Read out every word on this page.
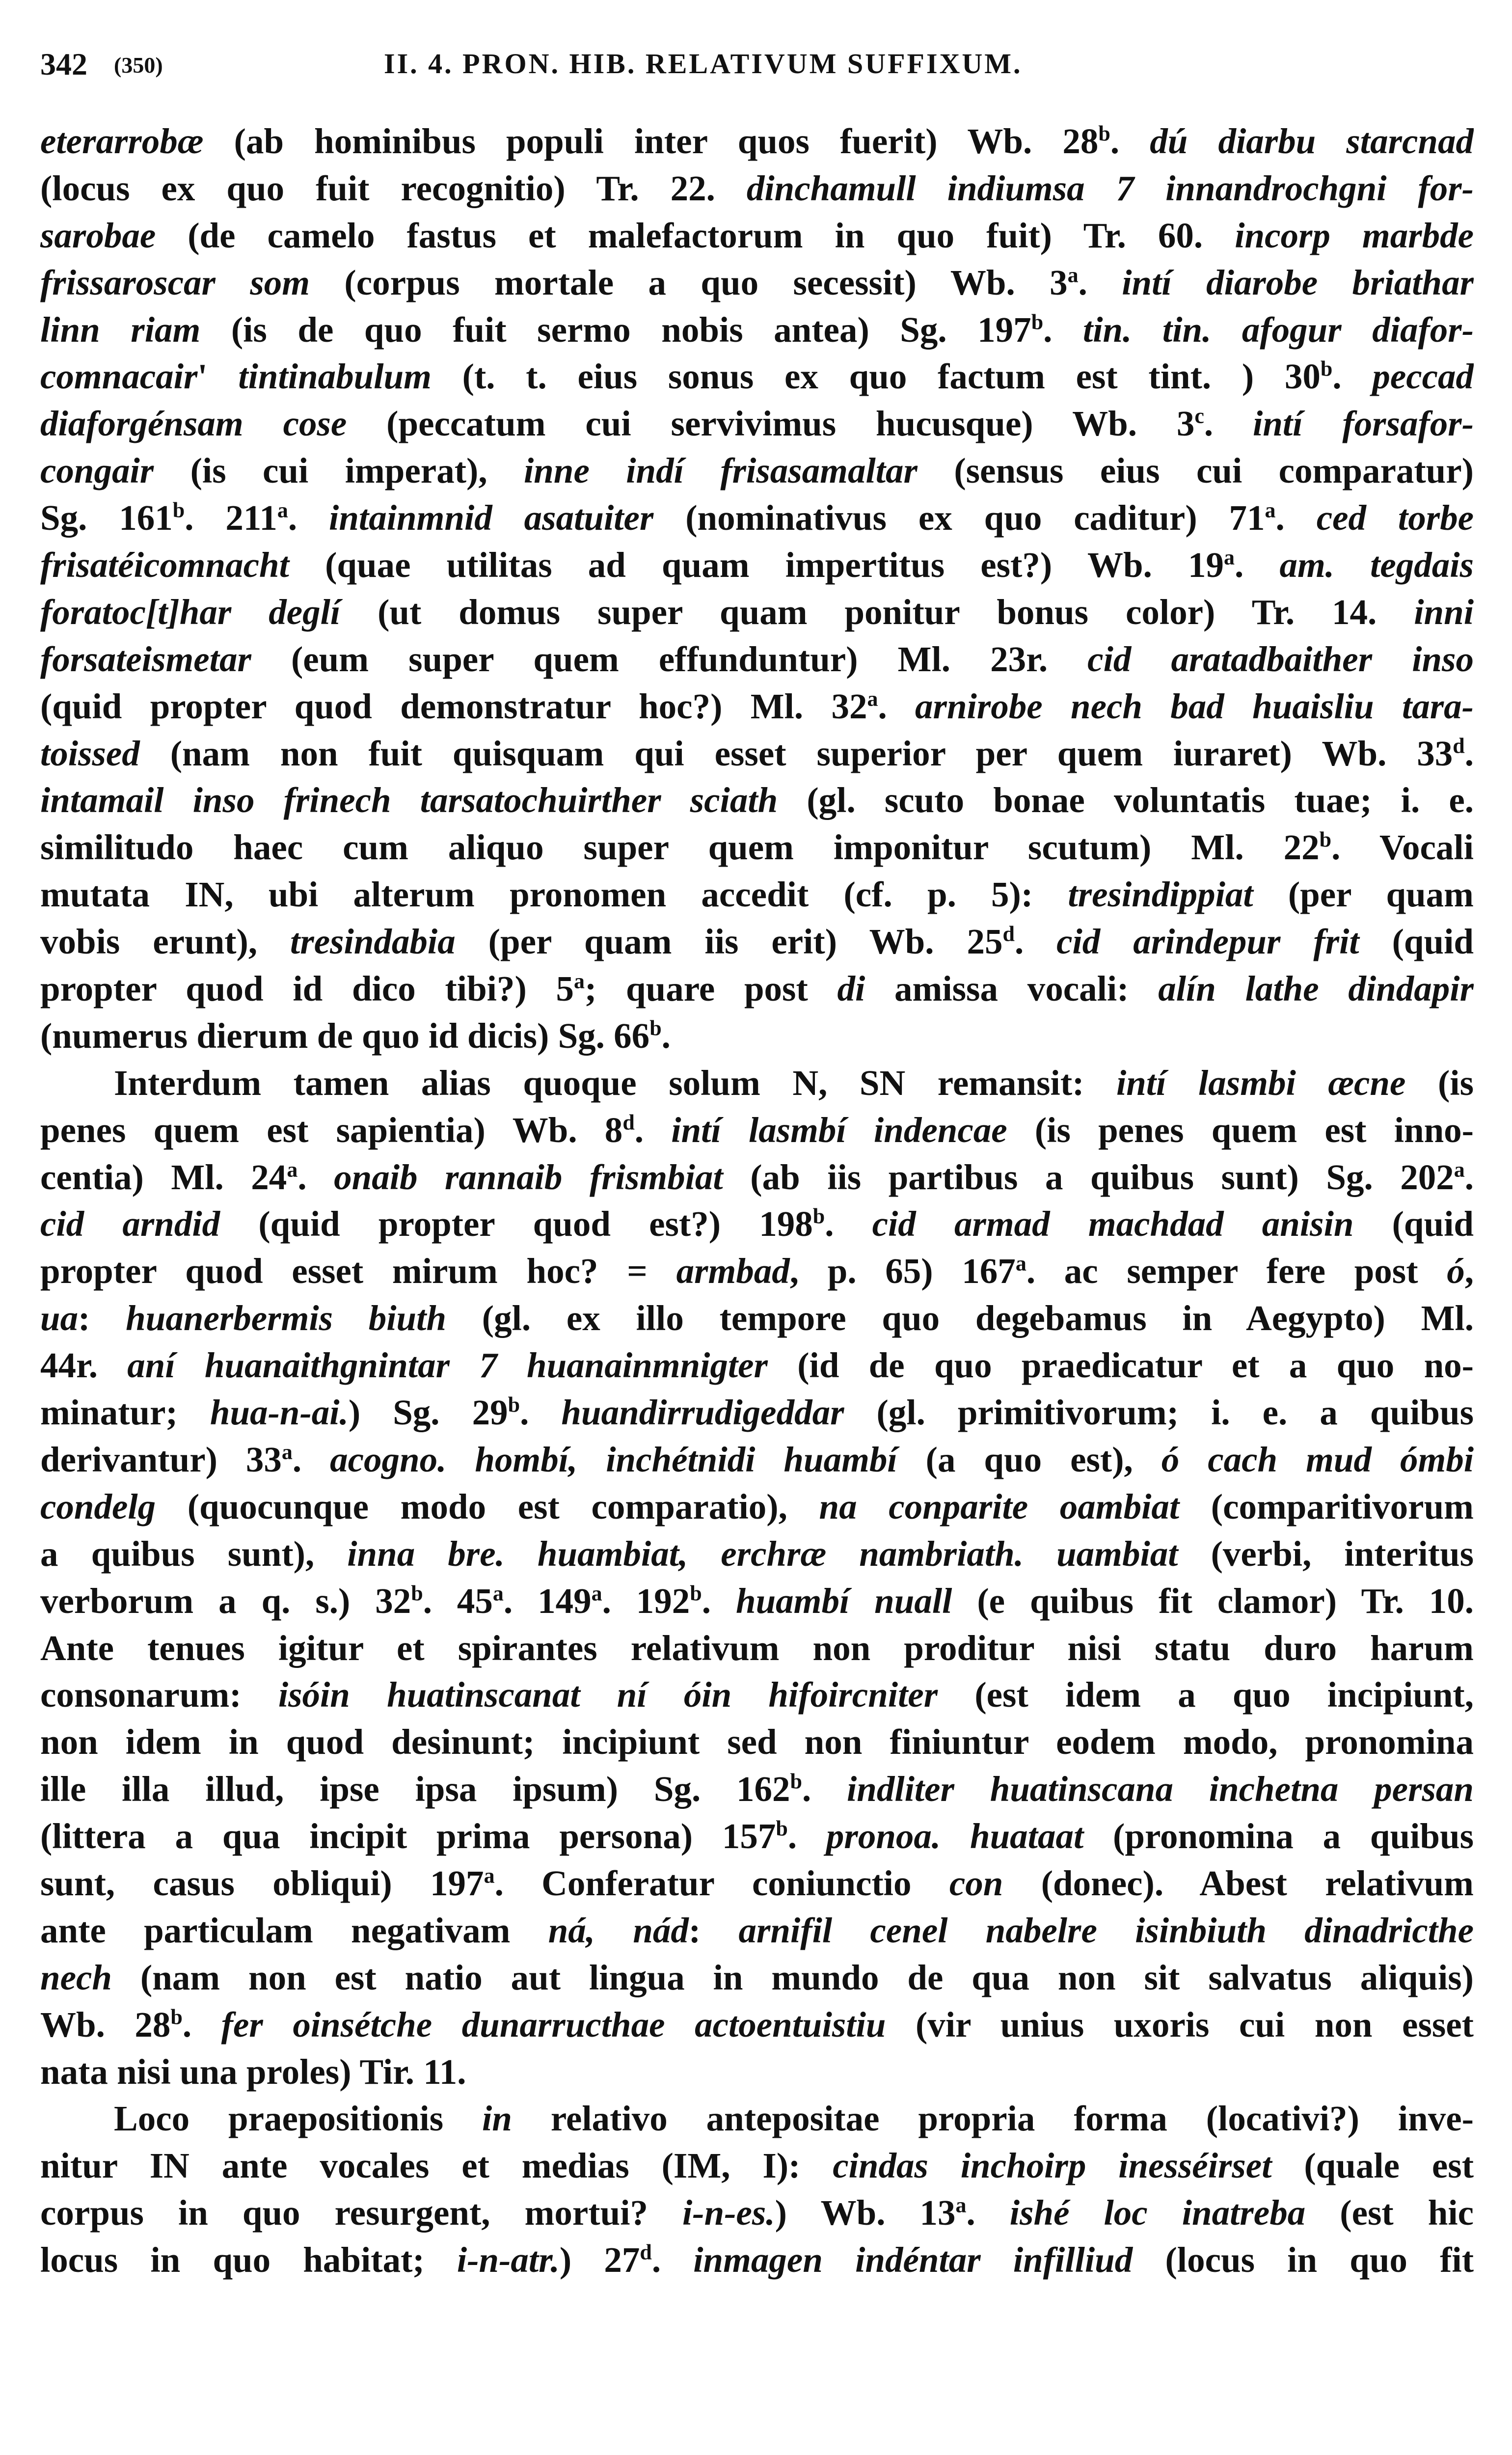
342 (350)	II. 4. PRON. HIB. RELATIVUM SUFFIXUM.
eterarrobæ (ab hominibus populi inter quos fuerit) Wb. 28$^b$. dú diarbu starcnad
(locus ex quo fuit recognitio) Tr. 22. dinchamull indiumsa 7 innandrochgni for-
sarobae (de camelo fastus et malefactorum in quo fuit) Tr. 60. incorp marbde
frissaroscar som (corpus mortale a quo secessit) Wb. 3$^a$. intí diarobe briathar
linn riam (is de quo fuit sermo nobis antea) Sg. 197$^b$. tin. tin. afogur diafor-
comnacair' tintinabulum (t. t. eius sonus ex quo factum est tint. ) 30$^b$. peccad
diaforgénsam cose (peccatum cui servivimus hucusque) Wb. 3$^c$. intí forsafor-
congair (is cui imperat), inne indí frisasamaltar (sensus eius cui comparatur)
Sg. 161$^b$. 211$^a$. intainmnid asatuiter (nominativus ex quo caditur) 71$^a$. ced torbe
frisatéicomnacht (quae utilitas ad quam impertitus est?) Wb. 19$^a$. am. tegdais
foratoc[t]har deglí (ut domus super quam ponitur bonus color) Tr. 14. inni
forsateismetar (eum super quem effunduntur) Ml. 23r. cid aratadbaither inso
(quid propter quod demonstratur hoc?) Ml. 32$^a$. arnirobe nech bad huaisliu tara-
toissed (nam non fuit quisquam qui esset superior per quem iuraret) Wb. 33$^d$.
intamail inso frinech tarsatochuirther sciath (gl. scuto bonae voluntatis tuae; i. e.
similitudo haec cum aliquo super quem imponitur scutum) Ml. 22$^b$. Vocali
mutata IN, ubi alterum pronomen accedit (cf. p. 5): tresindippiat (per quam
vobis erunt), tresindabia (per quam iis erit) Wb. 25$^d$. cid arindepur frit (quid
propter quod id dico tibi?) 5$^a$; quare post di amissa vocali: alín lathe dindapir
(numerus dierum de quo id dicis) Sg. 66$^b$.
Interdum tamen alias quoque solum N, SN remansit: intí lasmbi æcne (is
penes quem est sapientia) Wb. 8$^d$. intí lasmbí indencae (is penes quem est inno-
centia) Ml. 24$^a$. onaib rannaib frismbiat (ab iis partibus a quibus sunt) Sg. 202$^a$.
cid arndid (quid propter quod est?) 198$^b$. cid armad machdad anisin (quid
propter quod esset mirum hoc? = armbad, p. 65) 167$^a$. ac semper fere post ó,
ua: huanerbermis biuth (gl. ex illo tempore quo degebamus in Aegypto) Ml.
44r. aní huanaithgnintar 7 huanainmnigter (id de quo praedicatur et a quo no-
minatur; hua-n-ai.) Sg. 29$^b$. huandirrudigeddar (gl. primitivorum; i. e. a quibus
derivantur) 33$^a$. acogno. hombí, inchétnidi huambí (a quo est), ó cach mud ómbi
condelg (quocunque modo est comparatio), na conparite oambiat (comparitivorum
a quibus sunt), inna bre. huambiat, erchræ nambriath. uambiat (verbi, interitus
verborum a q. s.) 32$^b$. 45$^a$. 149$^a$. 192$^b$. huambí nuall (e quibus fit clamor) Tr. 10.
Ante tenues igitur et spirantes relativum non proditur nisi statu duro harum
consonarum: isóin huatinscanat ní óin hifoircniter (est idem a quo incipiunt,
non idem in quod desinunt; incipiunt sed non finiuntur eodem modo, pronomina
ille illa illud, ipse ipsa ipsum) Sg. 162$^b$. indliter huatinscana inchetna persan
(littera a qua incipit prima persona) 157$^b$. pronoa. huataat (pronomina a quibus
sunt, casus obliqui) 197$^a$. Conferatur coniunctio con (donec). Abest relativum
ante particulam negativam ná, nád: arnifil cenel nabelre isinbiuth dinadricthe
nech (nam non est natio aut lingua in mundo de qua non sit salvatus aliquis)
Wb. 28$^b$. fer oinsétche dunarructhae actoentuistiu (vir unius uxoris cui non esset
nata nisi una proles) Tir. 11.
Loco praepositionis in relativo antepositae propria forma (locativi?) inve-
nitur IN ante vocales et medias (IM, I): cindas inchoirp inesséirset (quale est
corpus in quo resurgent, mortui? i-n-es.) Wb. 13$^a$. ishé loc inatreba (est hic
locus in quo habitat; i-n-atr.) 27$^d$. inmagen indéntar infilliud (locus in quo fit
